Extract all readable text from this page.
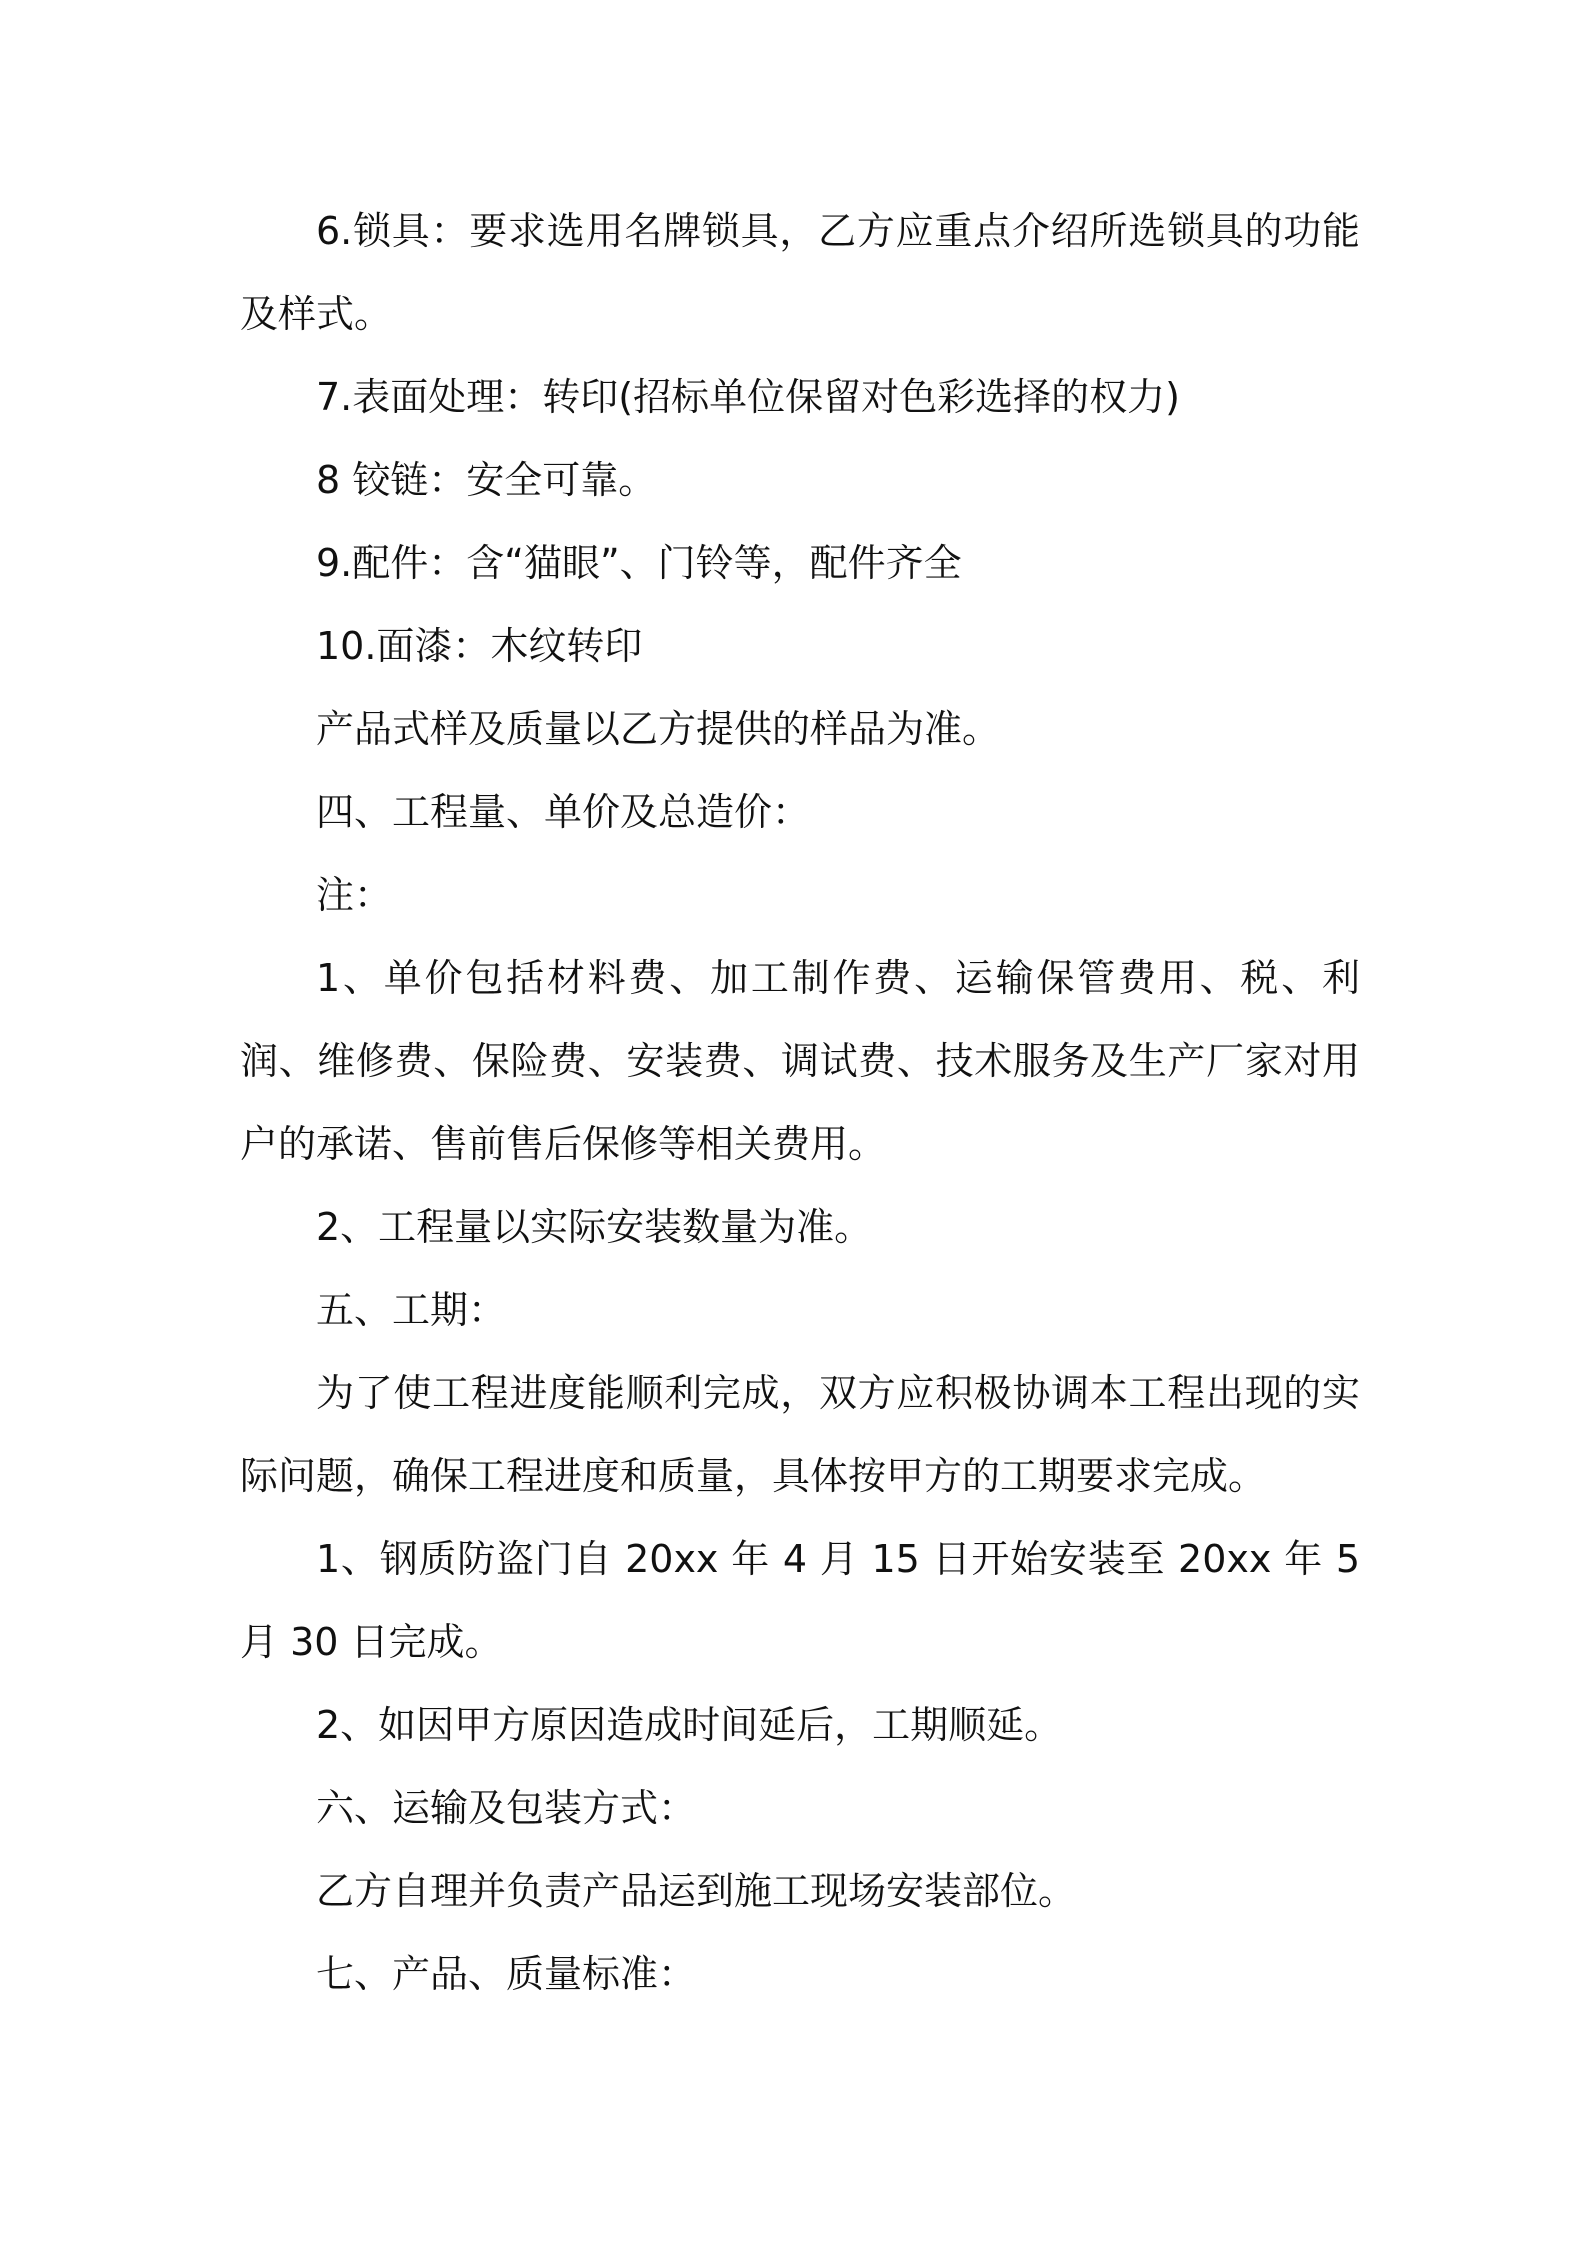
6.锁具：要求选用名牌锁具，乙方应重点介绍所选锁具的功能及样式。

7.表面处理：转印(招标单位保留对色彩选择的权力)

8 铰链：安全可靠。

9.配件：含“猫眼”、门铃等，配件齐全

10.面漆：木纹转印

产品式样及质量以乙方提供的样品为准。

四、工程量、单价及总造价：

注：

1、单价包括材料费、加工制作费、运输保管费用、税、利润、维修费、保险费、安装费、调试费、技术服务及生产厂家对用户的承诺、售前售后保修等相关费用。

2、工程量以实际安装数量为准。

五、工期：

为了使工程进度能顺利完成，双方应积极协调本工程出现的实际问题，确保工程进度和质量，具体按甲方的工期要求完成。

1、钢质防盗门自 20xx 年 4 月 15 日开始安装至 20xx 年 5 月 30 日完成。

2、如因甲方原因造成时间延后，工期顺延。

六、运输及包装方式：

乙方自理并负责产品运到施工现场安装部位。

七、产品、质量标准：
